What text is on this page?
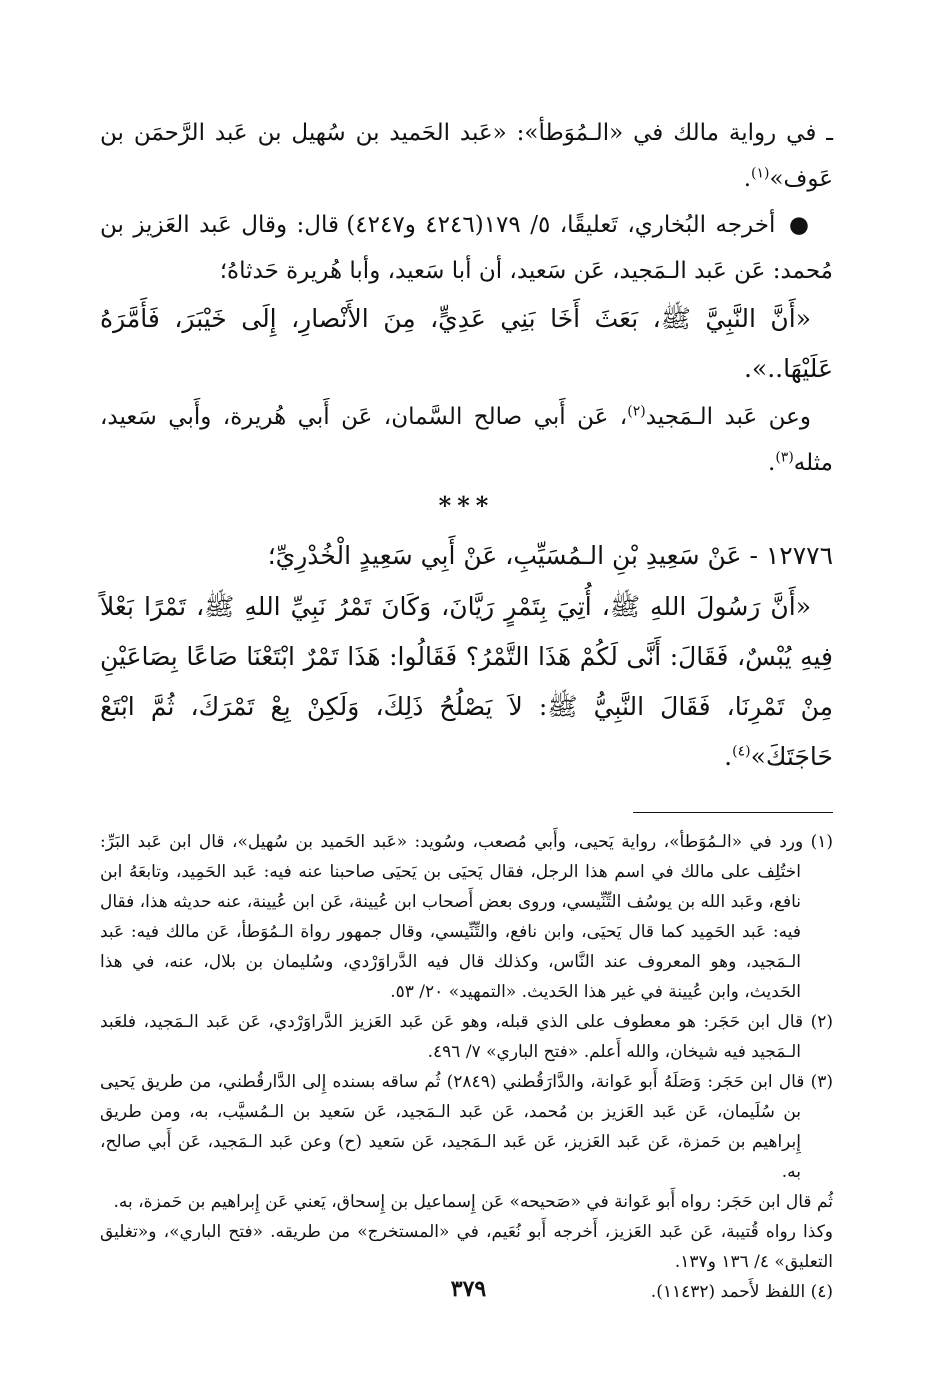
ـ في رواية مالك في «الـمُوَطأ»: «عَبد الحَميد بن سُهيل بن عَبد الرَّحمَن بن عَوف»$^{(١)}$.

● أخرجه البُخاري، تَعليقًا، ٥/ ١٧٩(٤٢٤٦ و٤٢٤٧) قال: وقال عَبد العَزيز بن مُحمد: عَن عَبد الـمَجيد، عَن سَعيد، أن أبا سَعيد، وأبا هُريرة حَدثاهُ؛

«أَنَّ النَّبِيَّ ﷺ، بَعَثَ أَخَا بَنِي عَدِيٍّ، مِنَ الأَنْصارِ، إِلَى خَيْبَرَ، فَأَمَّرَهُ عَلَيْهَا..».

وعن عَبد الـمَجيد$^{(٢)}$، عَن أَبي صالح السَّمان، عَن أَبي هُريرة، وأَبي سَعيد، مثله$^{(٣)}$.

***

١٢٧٧٦ - عَنْ سَعِيدِ بْنِ الـمُسَيِّبِ، عَنْ أَبِي سَعِيدٍ الْخُدْرِيِّ؛

«أَنَّ رَسُولَ اللهِ ﷺ، أُتِيَ بِتَمْرٍ رَيَّانَ، وَكَانَ تَمْرُ نَبِيِّ اللهِ ﷺ، تَمْرًا بَعْلاً فِيهِ يُبْسٌ، فَقَالَ: أَنَّى لَكُمْ هَذَا التَّمْرُ؟ فَقَالُوا: هَذَا تَمْرٌ ابْتَعْنَا صَاعًا بِصَاعَيْنِ مِنْ تَمْرِنَا، فَقَالَ النَّبِيُّ ﷺ: لاَ يَصْلُحُ ذَلِكَ، وَلَكِنْ بِعْ تَمْرَكَ، ثُمَّ ابْتَعْ حَاجَتَكَ»$^{(٤)}$.

(١) ورد في «الـمُوَطأ»، رواية يَحيى، وأَبي مُصعب، وسُويد: «عَبد الحَميد بن سُهيل»، قال ابن عَبد البَرِّ: اختُلِف على مالك في اسم هذا الرجل، فقال يَحيَى بن يَحيَى صاحبنا عنه فيه: عَبد الحَمِيد، وتابعَهُ ابن نافع، وعَبد الله بن يوسُف التِّنِّيسي، وروى بعض أَصحاب ابن عُيينة، عَن ابن عُيينة، عنه حديثه هذا، فقال فيه: عَبد الحَمِيد كما قال يَحيَى، وابن نافع، والتِّنِّيسي، وقال جمهور رواة الـمُوَطأ، عَن مالك فيه: عَبد الـمَجيد، وهو المعروف عند النَّاس، وكذلك قال فيه الدَّراوَرْدي، وسُليمان بن بلال، عنه، في هذا الحَديث، وابن عُيينة في غير هذا الحَديث. «التمهيد» ٢٠/ ٥٣.

(٢) قال ابن حَجَر: هو معطوف على الذي قبله، وهو عَن عَبد العَزيز الدَّراوَرْدي، عَن عَبد الـمَجيد، فلعَبد الـمَجيد فيه شيخان، والله أَعلم. «فتح الباري» ٧/ ٤٩٦.

(٣) قال ابن حَجَر: وَصَلَهُ أَبو عَوانة، والدَّارَقُطني (٢٨٤٩) ثُم ساقه بسنده إِلى الدَّارقُطني، من طريق يَحيى بن سُلَيمان، عَن عَبد العَزيز بن مُحمد، عَن عَبد الـمَجيد، عَن سَعيد بن الـمُسيَّب، به، ومن طريق إِبراهيم بن حَمزة، عَن عَبد العَزيز، عَن عَبد الـمَجيد، عَن سَعيد (ح) وعن عَبد الـمَجيد، عَن أَبي صالح، به.

ثُم قال ابن حَجَر: رواه أَبو عَوانة في «صَحيحه» عَن إِسماعيل بن إِسحاق، يَعني عَن إِبراهيم بن حَمزة، به.

وكذا رواه قُتيبة، عَن عَبد العَزيز، أَخرجه أَبو نُعَيم، في «المستخرج» من طريقه. «فتح الباري»، و«تغليق التعليق» ٤/ ١٣٦ و١٣٧.

(٤) اللفظ لأَحمد (١١٤٣٢).

٣٧٩
